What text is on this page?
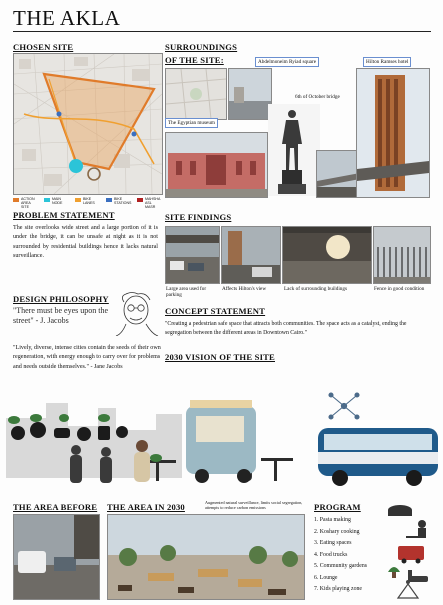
THE AKLA
CHOSEN SITE
ACTION AREA SITE
MAIN NODE
BIKE LANES
BIKE STATIONS
MAHSHA ASL MASR
SURROUNDINGS
OF THE SITE:	Abdelmoneim Ryiad square	Hilton Ramses hotel
6th of October bridge
The Egyptian museum
PROBLEM STATEMENT
The site overlooks wide street and a large portion of it is under the bridge, it can be unsafe at night as it is not surrounded by residential buildings hence it lacks natural surveillance.
SITE FINDINGS
Large area used for parking
Affects Hilton's view	Lack of surrounding buildings	Fence in good condition
DESIGN PHILOSOPHY
"There must be eyes upon the street" - J. Jacobs
"Lively, diverse, intense cities contain the seeds of their own regeneration, with energy enough to carry over for problems and needs outside themselves." - Jane Jacobs
CONCEPT STATEMENT
"Creating a pedestrian safe space that attracts both communities. The space acts as a catalyst, ending the segregation between the different areas in Downtown Cairo."
2030 VISION OF THE SITE
THE AREA BEFORE THE AREA IN 2030	Augmented natural surveillance, limits social segregation, attempts to reduce carbon emissions	PROGRAM
1. Pasta making
2. Koshary cooking
3. Eating spaces
4. Food trucks
5. Community gardens
6. Lounge
7. Kids playing zone
